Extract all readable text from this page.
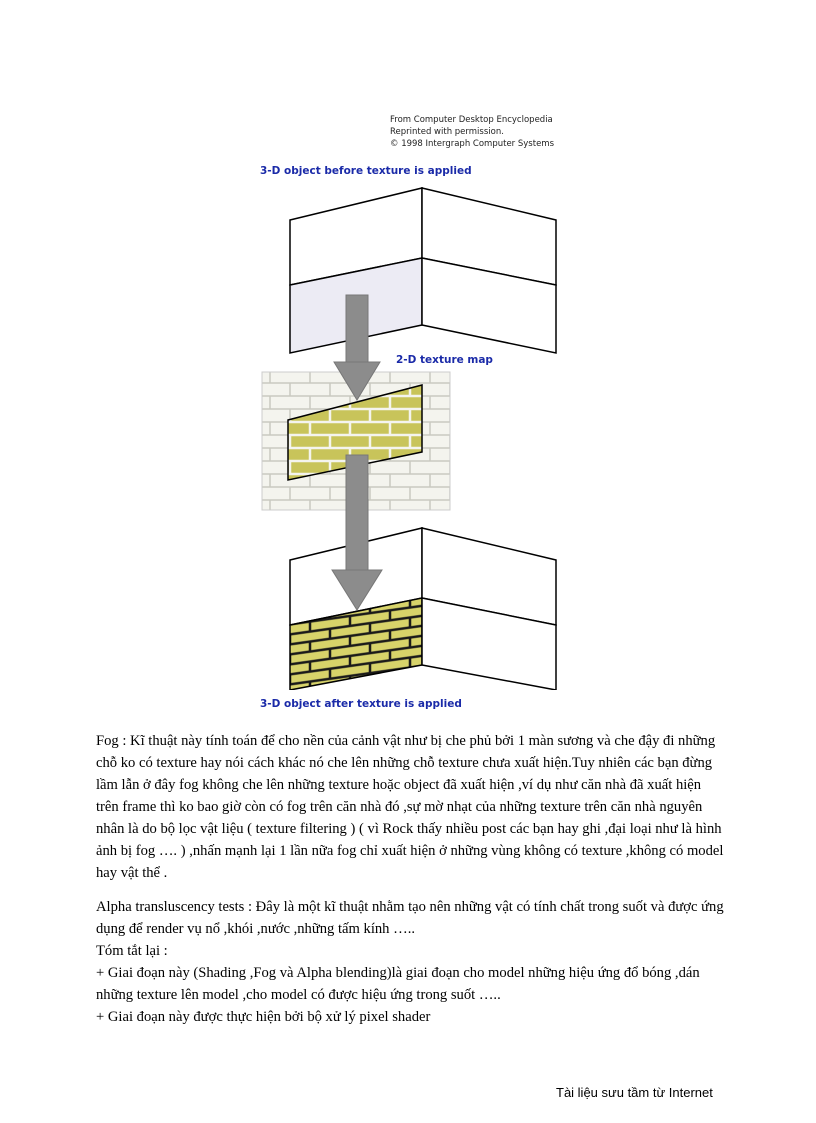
From Computer Desktop Encyclopedia
Reprinted with permission.
© 1998 Intergraph Computer Systems
3-D object before texture is applied
2-D texture map
3-D object after texture is applied

Fog : Kĩ thuật này tính toán để cho nền của cảnh vật như bị che phủ bởi 1 màn sương và che đậy đi những chỗ ko có texture hay nói cách khác nó che lên những chỗ texture chưa xuất hiện.Tuy nhiên các bạn đừng lầm lẫn ở đây fog không che lên những texture hoặc object đã xuất hiện ,ví dụ như căn nhà đã xuất hiện trên frame thì ko bao giờ còn có fog trên căn nhà đó ,sự mờ nhạt của những texture trên căn nhà nguyên nhân là do bộ lọc vật liệu ( texture filtering ) ( vì Rock thấy nhiều post các bạn hay ghi ,đại loại như là hình ảnh bị fog …. ) ,nhấn mạnh lại 1 lần nữa fog chỉ xuất hiện ở những vùng không có texture ,không có model hay vật thể .

Alpha transluscency tests : Đây là một kĩ thuật nhằm tạo nên những vật có tính chất trong suốt và được ứng dụng để render vụ nổ ,khói ,nước ,những tấm kính …..

Tóm tắt lại :

+ Giai đoạn này (Shading ,Fog và Alpha blending)là giai đoạn cho model những hiệu ứng đổ bóng ,dán những texture lên model ,cho model có được hiệu ứng trong suốt …..

+ Giai đoạn này được thực hiện bởi bộ xử lý pixel shader

Tài liệu sưu tầm từ Internet
